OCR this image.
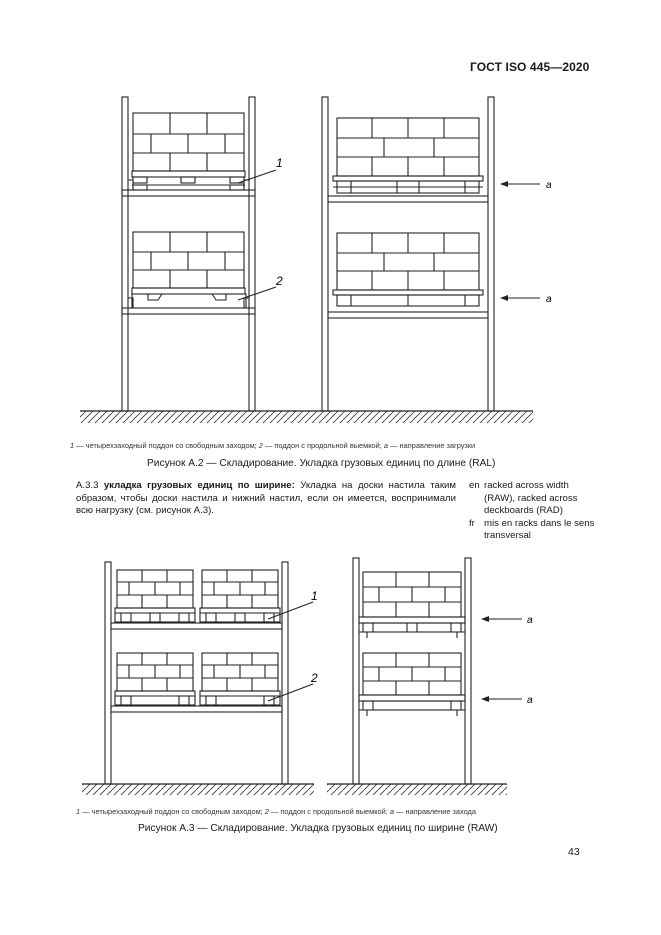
ГОСТ ISO 445—2020
1
2
a
a
1 — четырехзаходный поддон со свободным заходом; 2 — поддон с продольной выемкой; a — направление загрузки
Рисунок A.2 — Складирование. Укладка грузовых единиц по длине (RAL)
A.3.3 укладка грузовых единиц по ширине: Укладка на доски настила таким образом, чтобы доски настила и нижний настил, если он имеется, воспринимали всю нагрузку (см. рисунок A.3).
en racked across width (RAW), racked across deckboards (RAD)
fr mis en racks dans le sens transversal
1
2
a
a
1 — четырехзаходный поддон со свободным заходом; 2 — поддон с продольной выемкой; a — направление захода
Рисунок A.3 — Складирование. Укладка грузовых единиц по ширине (RAW)
43
